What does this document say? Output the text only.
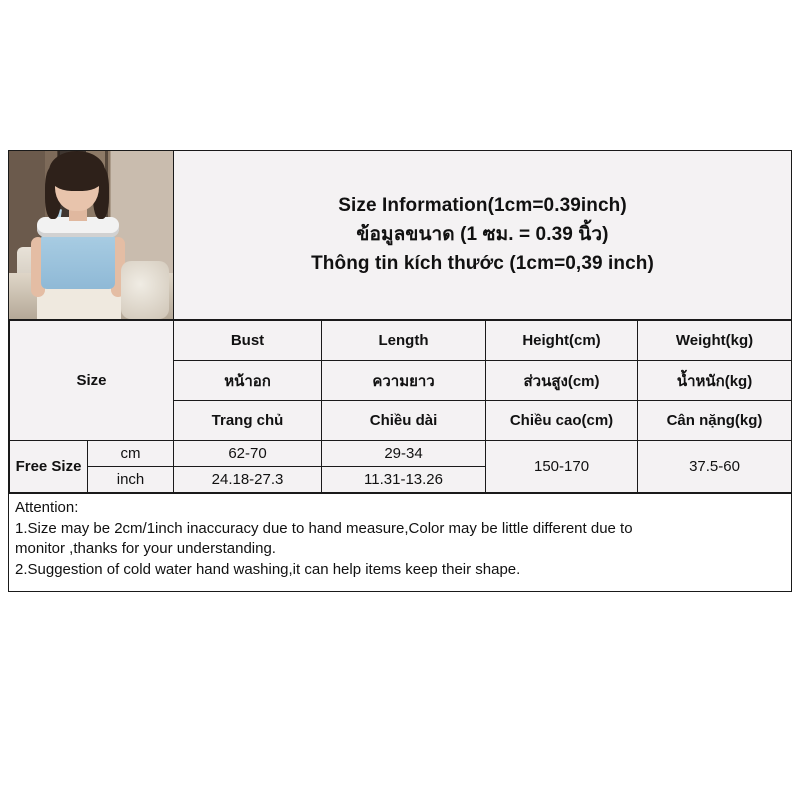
Size Information(1cm=0.39inch)
ข้อมูลขนาด (1 ซม. = 0.39 นิ้ว)
Thông tin kích thước (1cm=0,39 inch)
Size		Bust	Length	Height(cm)	Weight(kg)
		หน้าอก	ความยาว	ส่วนสูง(cm)	น้ำหนัก(kg)
		Trang chủ	Chiều dài	Chiều cao(cm)	Cân nặng(kg)
Free Size	cm	62-70	29-34	150-170	37.5-60
	inch	24.18-27.3	11.31-13.26		

Attention:

1.Size may be 2cm/1inch inaccuracy due to hand measure,Color may be little different due to

monitor ,thanks for your understanding.

2.Suggestion of cold water hand washing,it can help items keep their shape.
